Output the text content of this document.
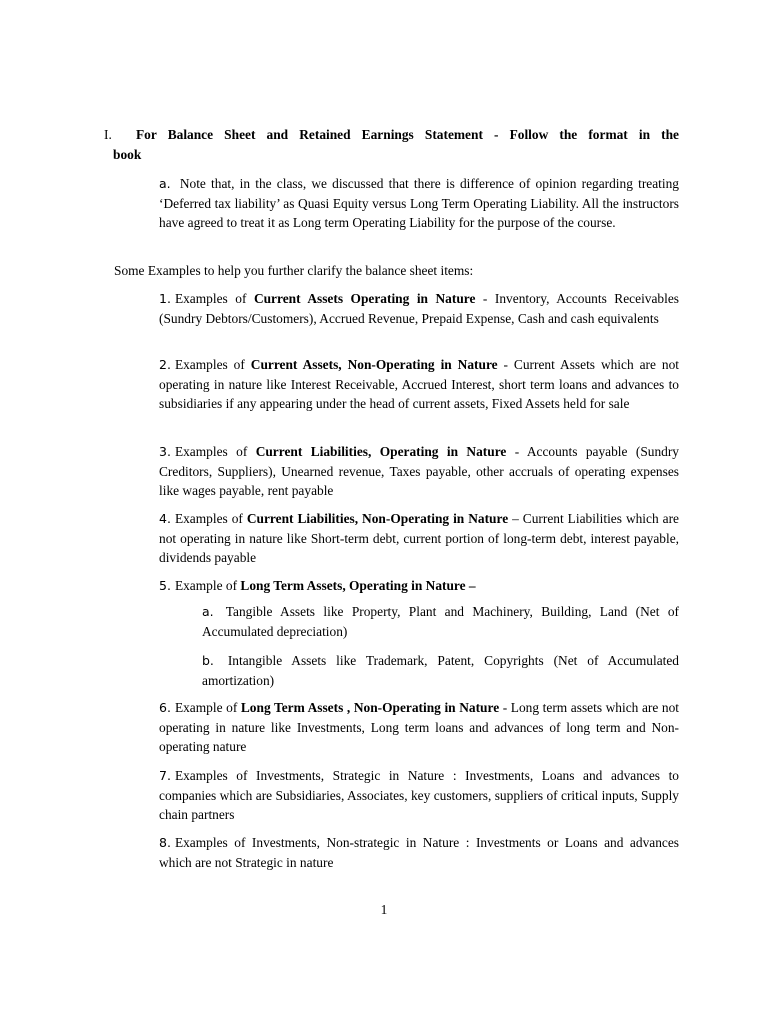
I.	For Balance Sheet and Retained Earnings Statement - Follow the format in the
book
a. Note that, in the class, we discussed that there is difference of opinion regarding treating ‘Deferred tax liability’ as Quasi Equity versus Long Term Operating Liability. All the instructors have agreed to treat it as Long term Operating Liability for the purpose of the course.
Some Examples to help you further clarify the balance sheet items:
1. Examples of Current Assets Operating in Nature - Inventory, Accounts Receivables (Sundry Debtors/Customers), Accrued Revenue, Prepaid Expense, Cash and cash equivalents
2. Examples of Current Assets, Non-Operating in Nature - Current Assets which are not operating in nature like Interest Receivable, Accrued Interest, short term loans and advances to subsidiaries if any appearing under the head of current assets, Fixed Assets held for sale
3. Examples of Current Liabilities, Operating in Nature - Accounts payable (Sundry Creditors, Suppliers), Unearned revenue, Taxes payable, other accruals of operating expenses like wages payable, rent payable
4. Examples of Current Liabilities, Non-Operating in Nature – Current Liabilities which are not operating in nature like Short-term debt, current portion of long-term debt, interest payable, dividends payable
5. Example of Long Term Assets, Operating in Nature –
a. Tangible Assets like Property, Plant and Machinery, Building, Land (Net of Accumulated depreciation)
b. Intangible Assets like Trademark, Patent, Copyrights (Net of Accumulated amortization)
6. Example of Long Term Assets , Non-Operating in Nature - Long term assets which are not operating in nature like Investments, Long term loans and advances of long term and Non-operating nature
7. Examples of Investments, Strategic in Nature : Investments, Loans and advances to companies which are Subsidiaries, Associates, key customers, suppliers of critical inputs, Supply chain partners
8. Examples of Investments, Non-strategic in Nature : Investments or Loans and advances which are not Strategic in nature
1
